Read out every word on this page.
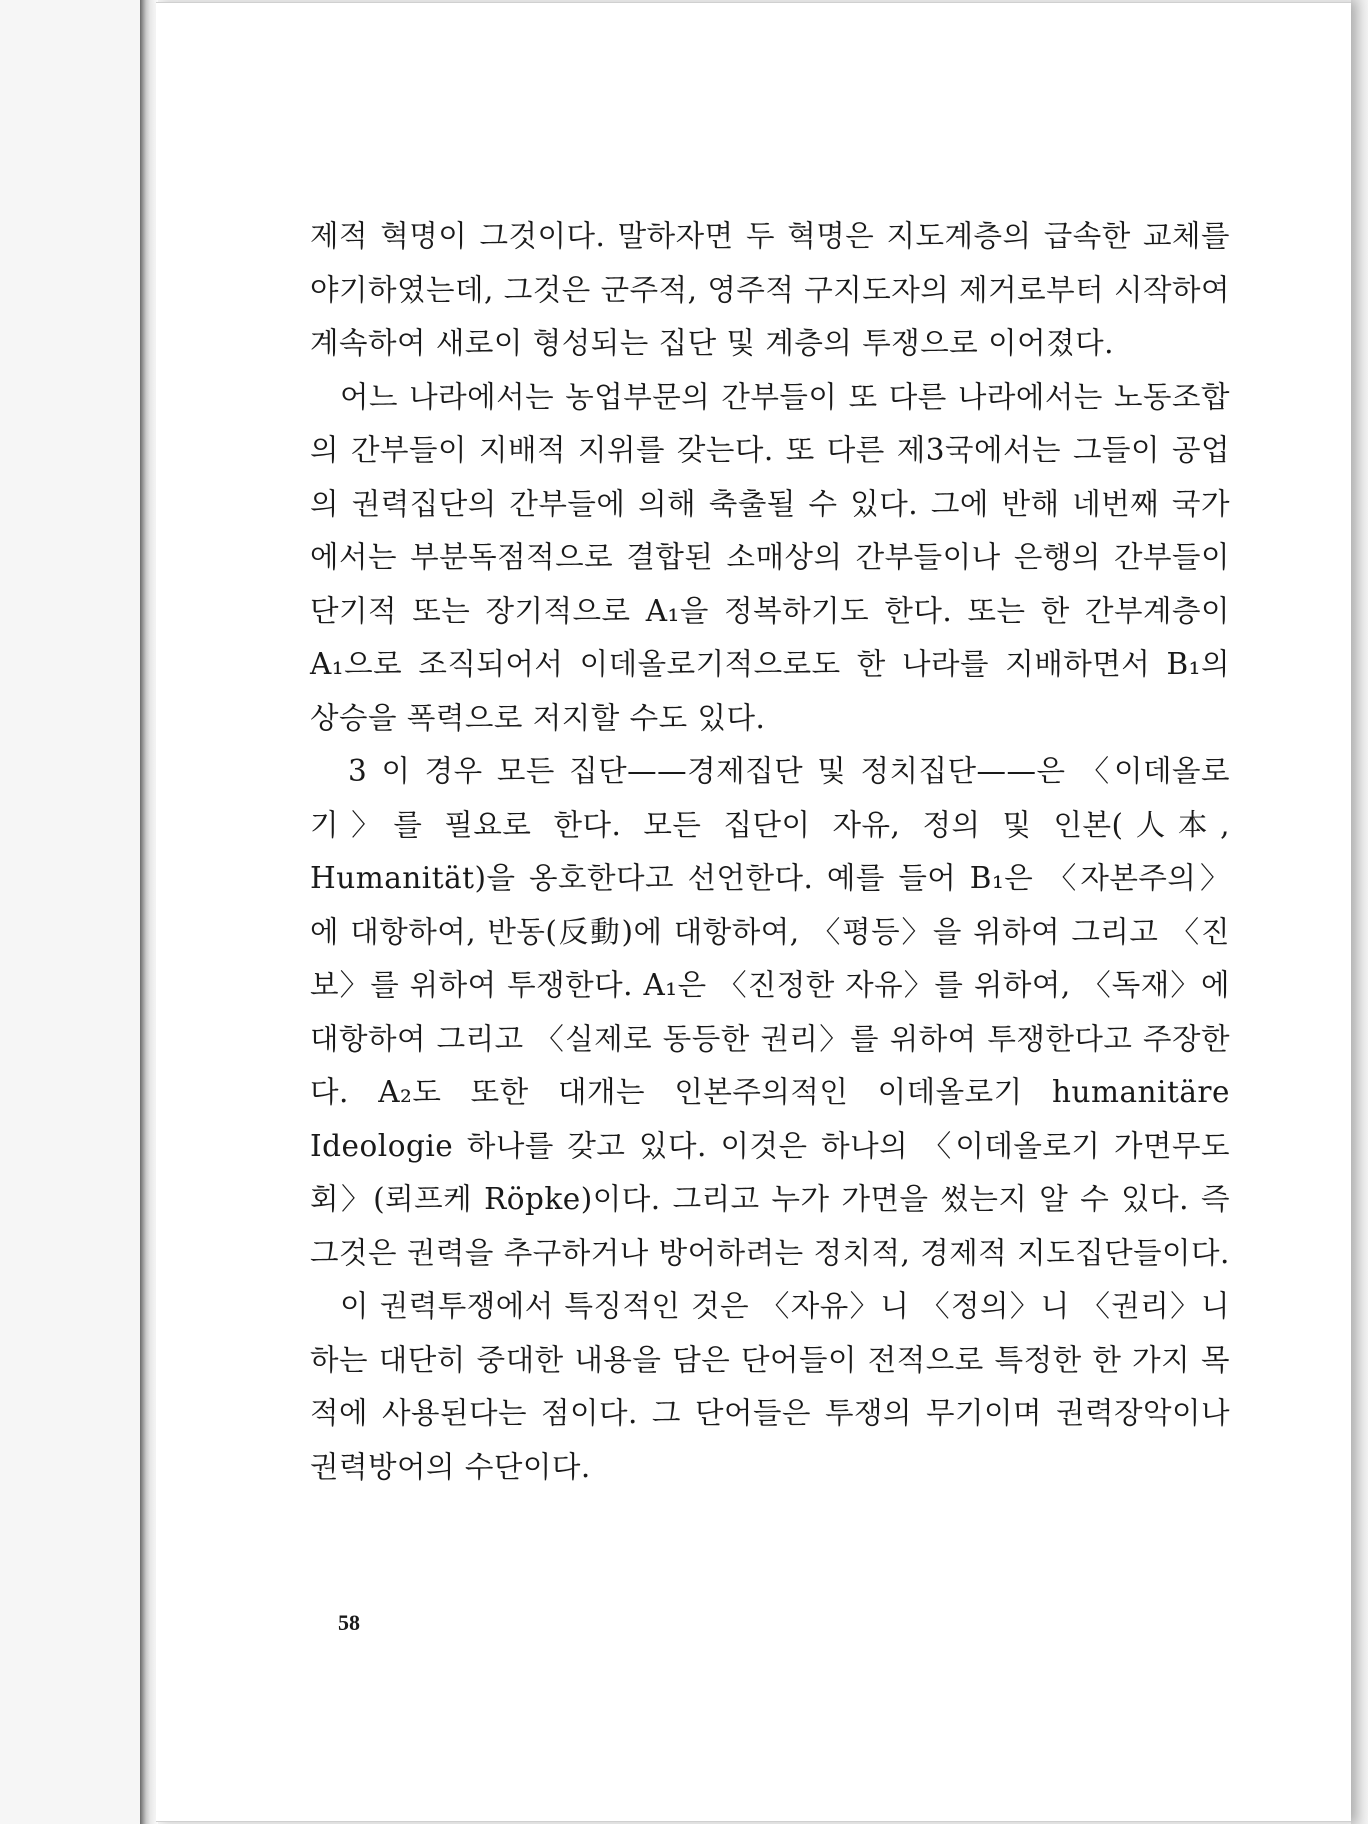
제적 혁명이 그것이다. 말하자면 두 혁명은 지도계층의 급속한 교체를 야기하였는데, 그것은 군주적, 영주적 구지도자의 제거로부터 시작하여 계속하여 새로이 형성되는 집단 및 계층의 투쟁으로 이어졌다.

어느 나라에서는 농업부문의 간부들이 또 다른 나라에서는 노동조합의 간부들이 지배적 지위를 갖는다. 또 다른 제3국에서는 그들이 공업의 권력집단의 간부들에 의해 축출될 수 있다. 그에 반해 네번째 국가에서는 부분독점적으로 결합된 소매상의 간부들이나 은행의 간부들이 단기적 또는 장기적으로 A₁을 정복하기도 한다. 또는 한 간부계층이 A₁으로 조직되어서 이데올로기적으로도 한 나라를 지배하면서 B₁의 상승을 폭력으로 저지할 수도 있다.

3 이 경우 모든 집단——경제집단 및 정치집단——은 〈이데올로기〉를 필요로 한다. 모든 집단이 자유, 정의 및 인본(人本, Humanität)을 옹호한다고 선언한다. 예를 들어 B₁은 〈자본주의〉에 대항하여, 반동(反動)에 대항하여, 〈평등〉을 위하여 그리고 〈진보〉를 위하여 투쟁한다. A₁은 〈진정한 자유〉를 위하여, 〈독재〉에 대항하여 그리고 〈실제로 동등한 권리〉를 위하여 투쟁한다고 주장한다. A₂도 또한 대개는 인본주의적인 이데올로기 humanitäre Ideologie 하나를 갖고 있다. 이것은 하나의 〈이데올로기 가면무도회〉(뢰프케 Röpke)이다. 그리고 누가 가면을 썼는지 알 수 있다. 즉 그것은 권력을 추구하거나 방어하려는 정치적, 경제적 지도집단들이다.

이 권력투쟁에서 특징적인 것은 〈자유〉니 〈정의〉니 〈권리〉니 하는 대단히 중대한 내용을 담은 단어들이 전적으로 특정한 한 가지 목적에 사용된다는 점이다. 그 단어들은 투쟁의 무기이며 권력장악이나 권력방어의 수단이다.

58
